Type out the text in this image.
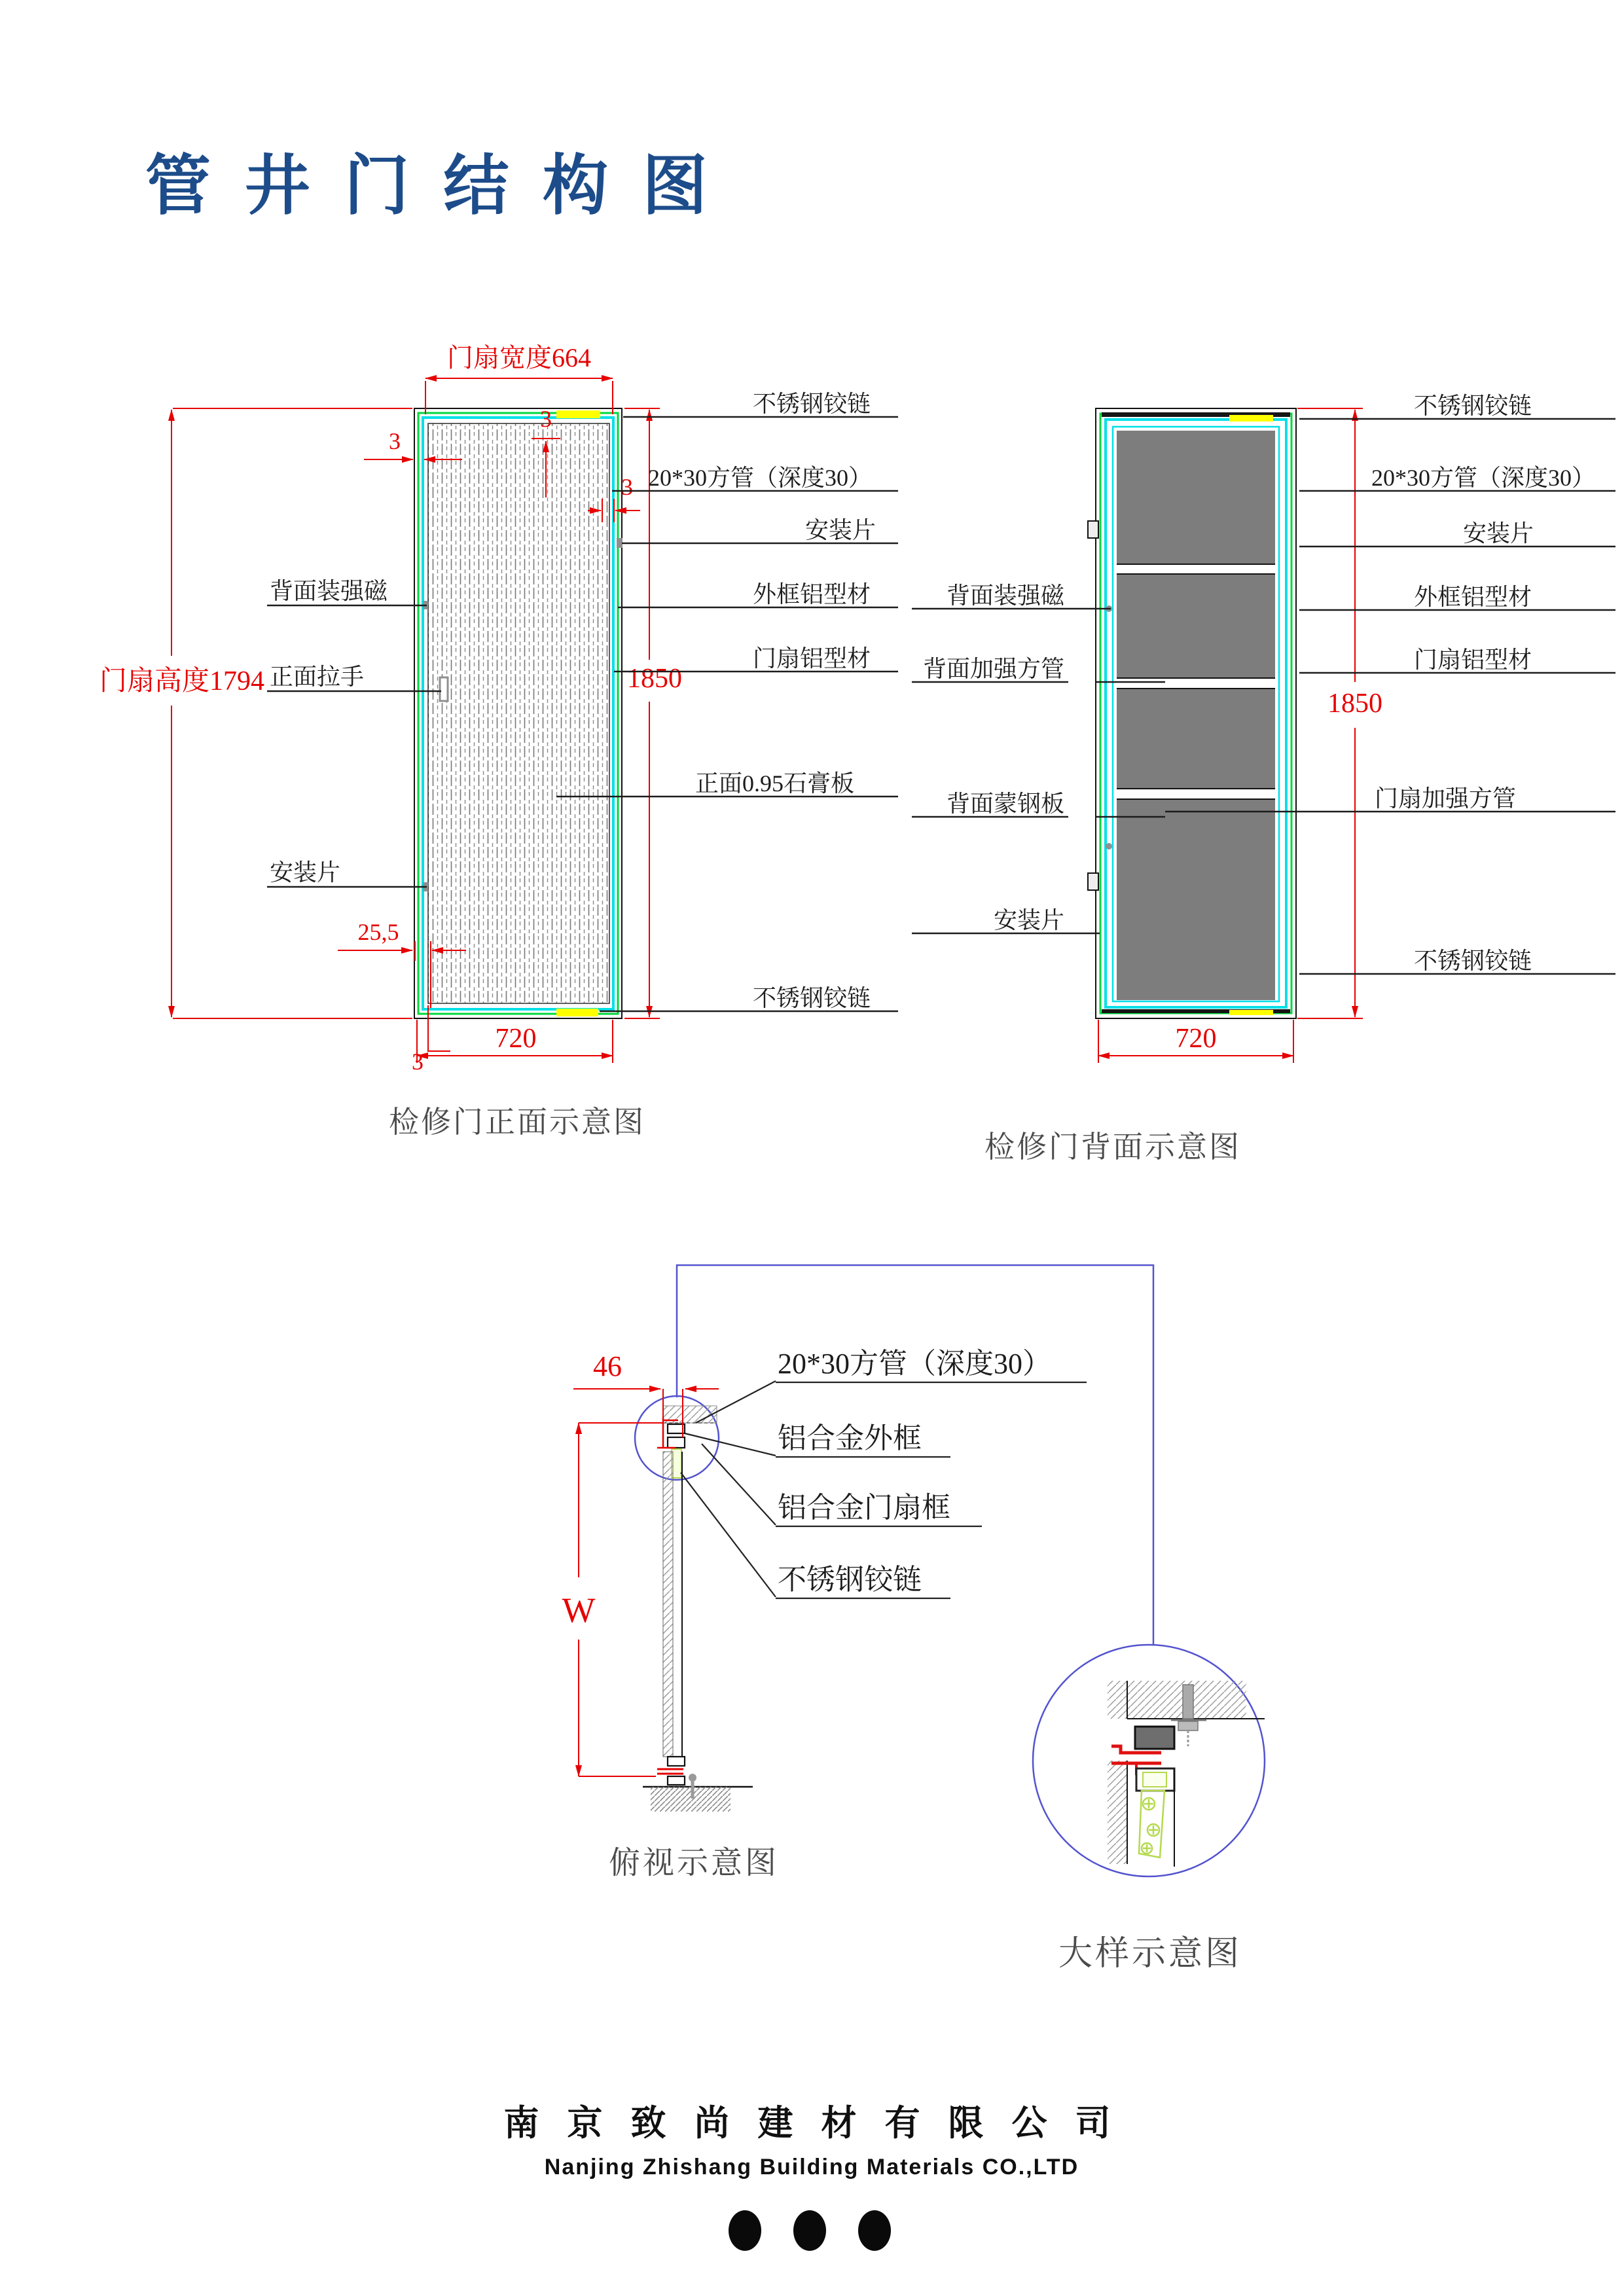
管 井 门 结 构 图
门扇宽度664
3
3
门扇高度1794	1850
3
25,5
3
720
背面装强磁
正面拉手
安装片
不锈钢铰链
20*30方管（深度30）
安装片
外框铝型材
门扇铝型材
正面0.95石膏板
不锈钢铰链
检修门正面示意图
1850
720
背面装强磁
背面加强方管
背面蒙钢板
安装片
不锈钢铰链
20*30方管（深度30）
安装片
外框铝型材
门扇铝型材
门扇加强方管
不锈钢铰链
检修门背面示意图
46
W
20*30方管（深度30）
铝合金外框
铝合金门扇框
不锈钢铰链
俯视示意图
大样示意图
南 京 致 尚 建 材 有 限 公 司
Nanjing Zhishang Building Materials CO.,LTD
